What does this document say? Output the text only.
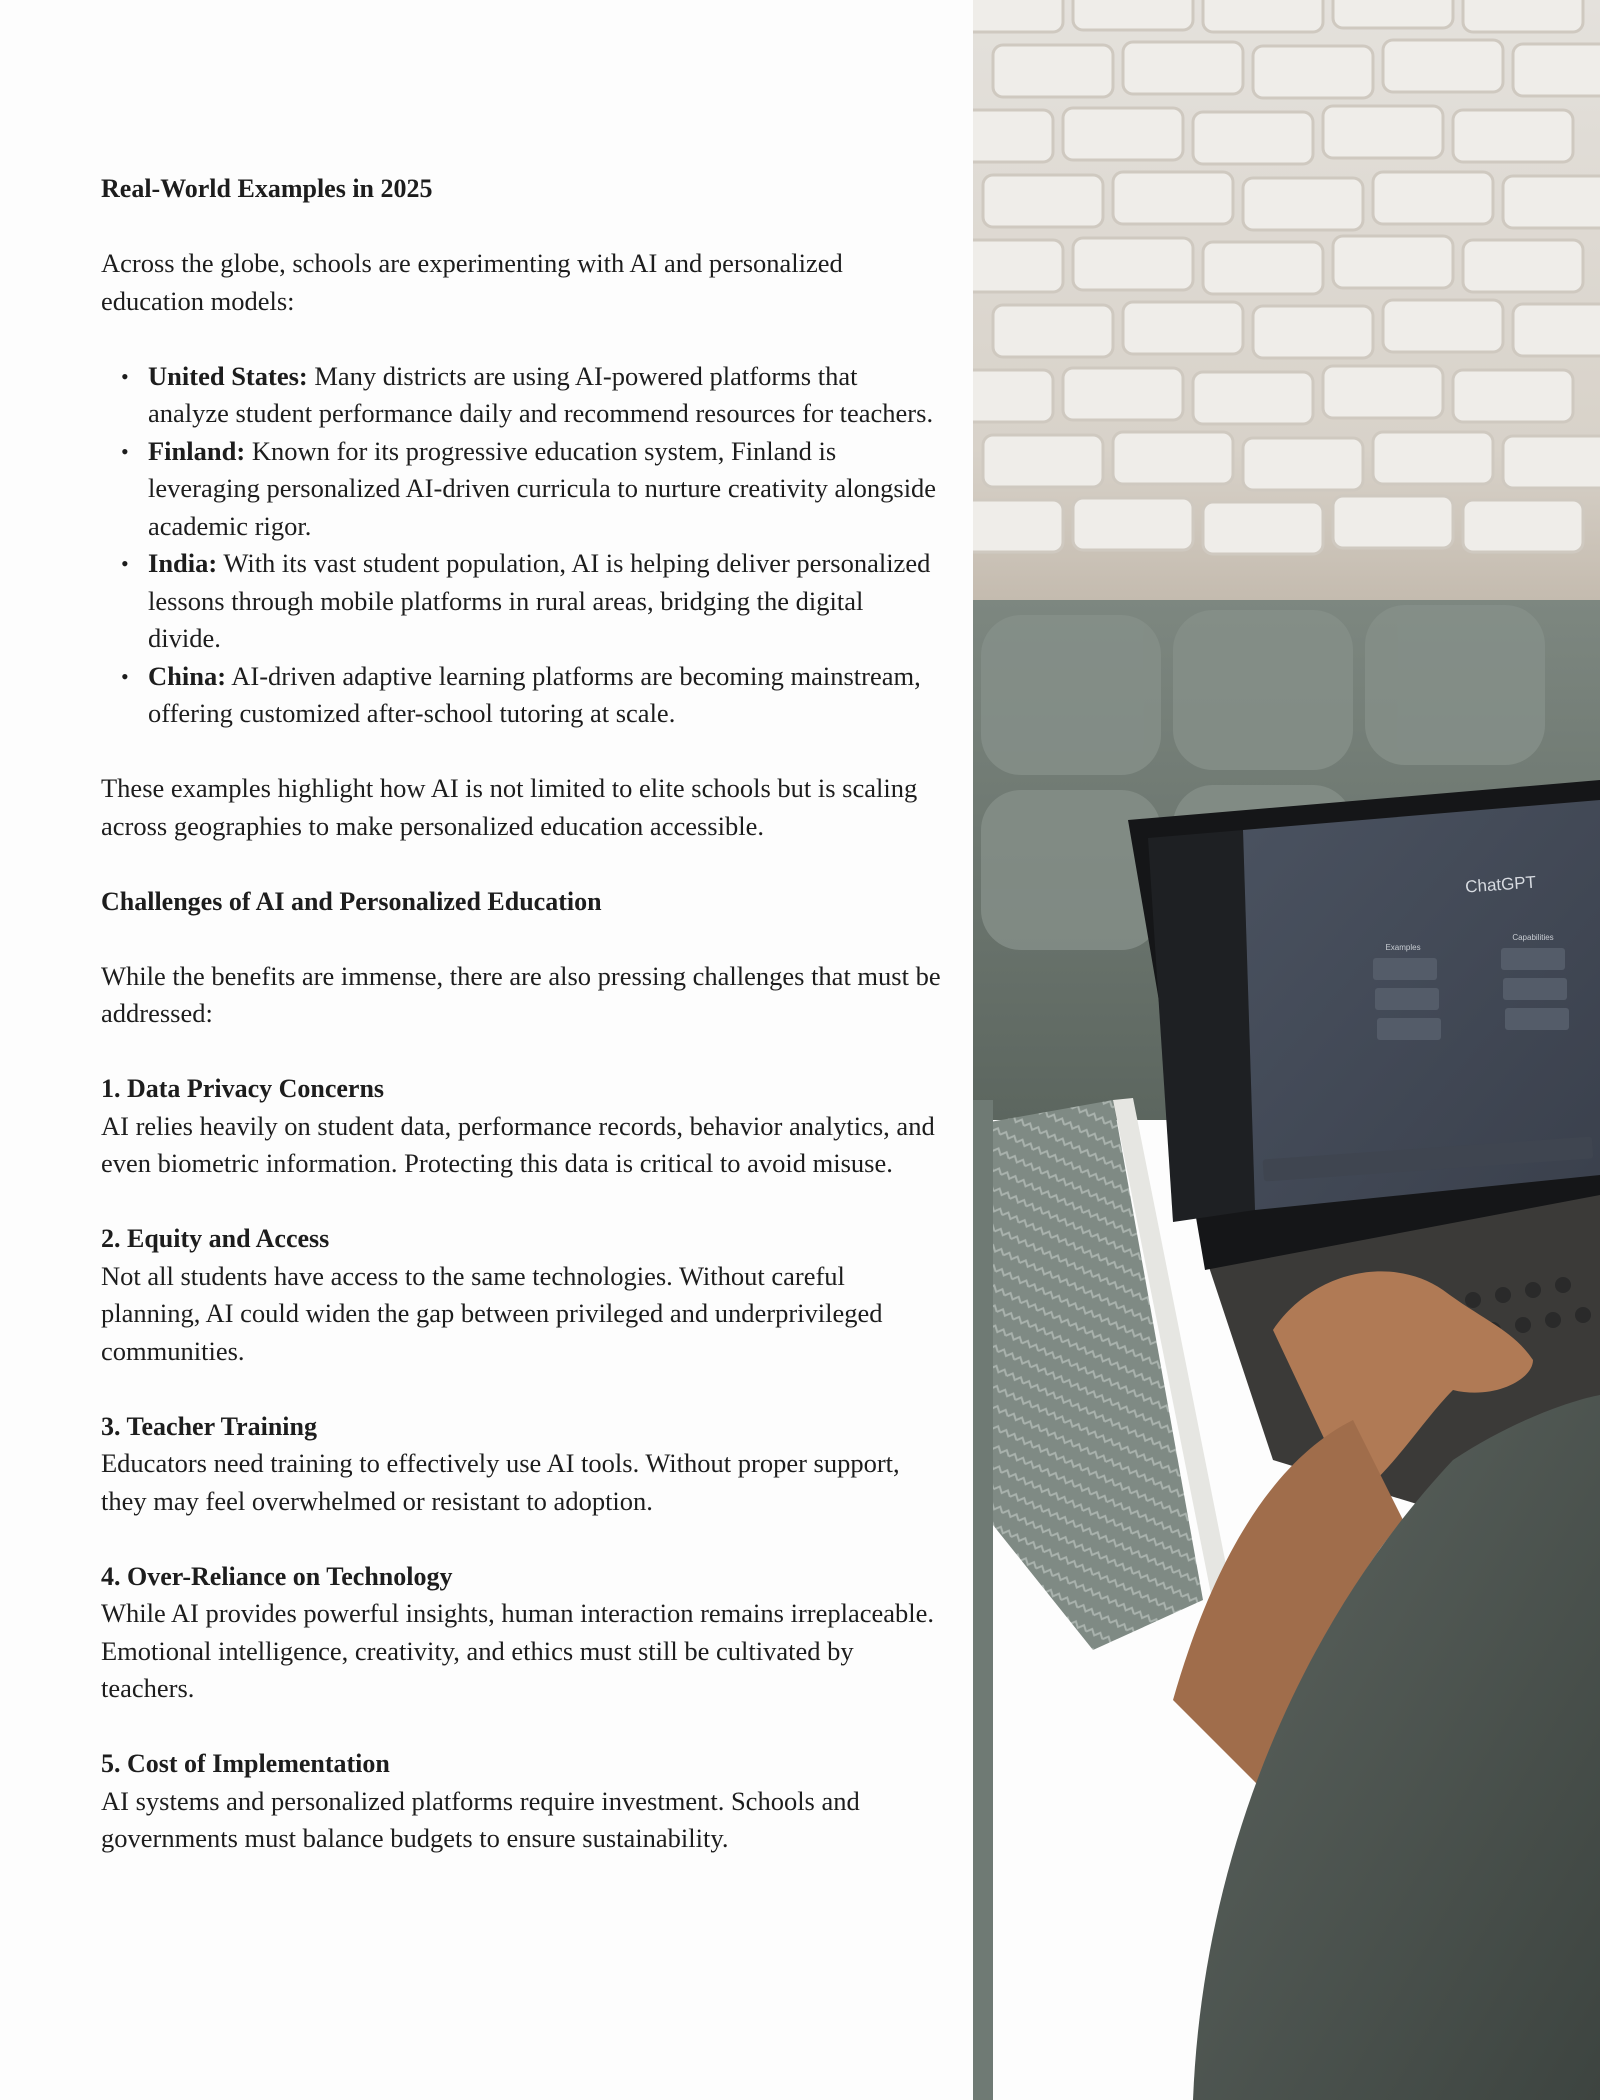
Real-World Examples in 2025

Across the globe, schools are experimenting with AI and personalized education models:

• United States: Many districts are using AI-powered platforms that analyze student performance daily and recommend resources for teachers.
• Finland: Known for its progressive education system, Finland is leveraging personalized AI-driven curricula to nurture creativity alongside academic rigor.
• India: With its vast student population, AI is helping deliver personalized lessons through mobile platforms in rural areas, bridging the digital divide.
• China: AI-driven adaptive learning platforms are becoming mainstream, offering customized after-school tutoring at scale.

These examples highlight how AI is not limited to elite schools but is scaling across geographies to make personalized education accessible.

Challenges of AI and Personalized Education

While the benefits are immense, there are also pressing challenges that must be addressed:

1. Data Privacy Concerns

AI relies heavily on student data, performance records, behavior analytics, and even biometric information. Protecting this data is critical to avoid misuse.

2. Equity and Access

Not all students have access to the same technologies. Without careful planning, AI could widen the gap between privileged and underprivileged communities.

3. Teacher Training

Educators need training to effectively use AI tools. Without proper support, they may feel overwhelmed or resistant to adoption.

4. Over-Reliance on Technology

While AI provides powerful insights, human interaction remains irreplaceable. Emotional intelligence, creativity, and ethics must still be cultivated by teachers.

5. Cost of Implementation

AI systems and personalized platforms require investment. Schools and governments must balance budgets to ensure sustainability.

ChatGPT
Examples
Capabilities
